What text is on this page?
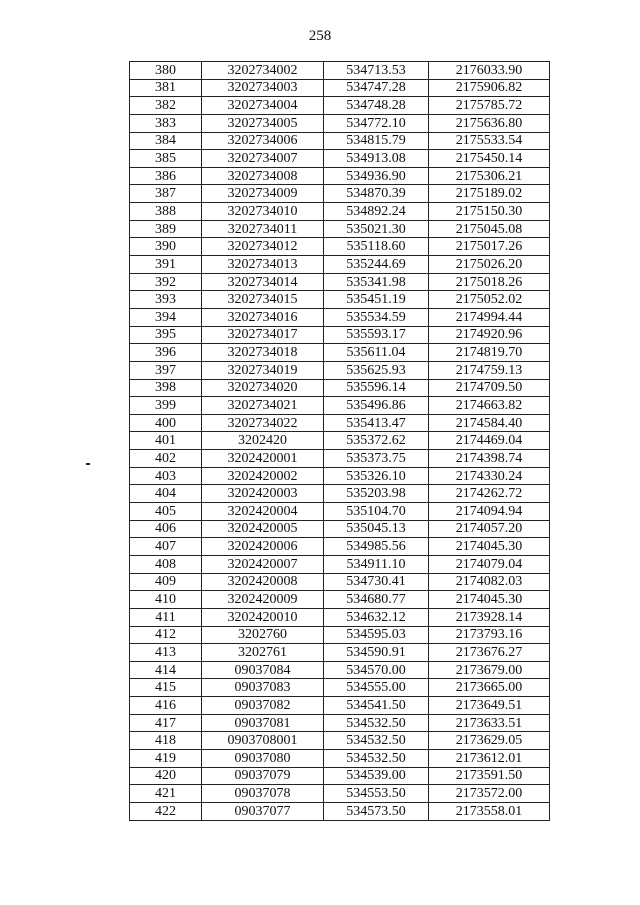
258
380	3202734002	534713.53	2176033.90
381	3202734003	534747.28	2175906.82
382	3202734004	534748.28	2175785.72
383	3202734005	534772.10	2175636.80
384	3202734006	534815.79	2175533.54
385	3202734007	534913.08	2175450.14
386	3202734008	534936.90	2175306.21
387	3202734009	534870.39	2175189.02
388	3202734010	534892.24	2175150.30
389	3202734011	535021.30	2175045.08
390	3202734012	535118.60	2175017.26
391	3202734013	535244.69	2175026.20
392	3202734014	535341.98	2175018.26
393	3202734015	535451.19	2175052.02
394	3202734016	535534.59	2174994.44
395	3202734017	535593.17	2174920.96
396	3202734018	535611.04	2174819.70
397	3202734019	535625.93	2174759.13
398	3202734020	535596.14	2174709.50
399	3202734021	535496.86	2174663.82
400	3202734022	535413.47	2174584.40
401	3202420	535372.62	2174469.04
402	3202420001	535373.75	2174398.74
403	3202420002	535326.10	2174330.24
404	3202420003	535203.98	2174262.72
405	3202420004	535104.70	2174094.94
406	3202420005	535045.13	2174057.20
407	3202420006	534985.56	2174045.30
408	3202420007	534911.10	2174079.04
409	3202420008	534730.41	2174082.03
410	3202420009	534680.77	2174045.30
411	3202420010	534632.12	2173928.14
412	3202760	534595.03	2173793.16
413	3202761	534590.91	2173676.27
414	09037084	534570.00	2173679.00
415	09037083	534555.00	2173665.00
416	09037082	534541.50	2173649.51
417	09037081	534532.50	2173633.51
418	0903708001	534532.50	2173629.05
419	09037080	534532.50	2173612.01
420	09037079	534539.00	2173591.50
421	09037078	534553.50	2173572.00
422	09037077	534573.50	2173558.01
